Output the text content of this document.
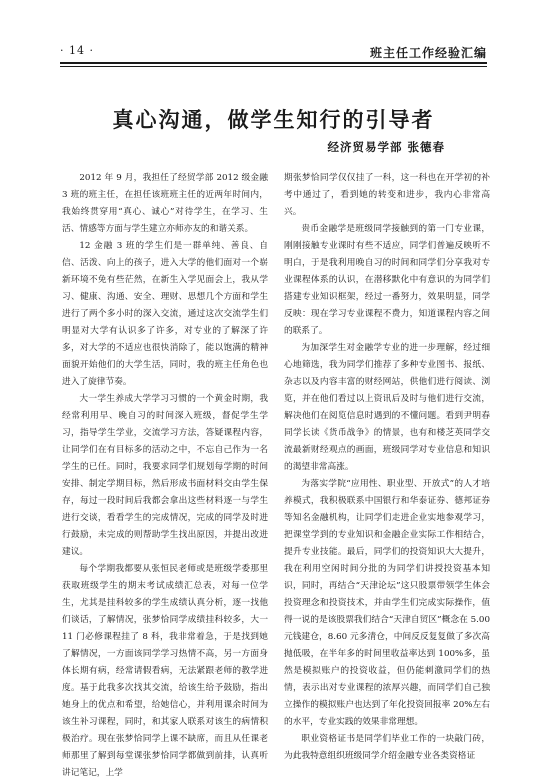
· 14 ·	班主任工作经验汇编
真心沟通，做学生知行的引导者
经济贸易学部 张德春

2012 年 9 月，我担任了经贸学部 2012 级金融 3 班的班主任，在担任该班班主任的近两年时间内，我始终贯穿用“真心、诚心”对待学生，在学习、生活、情感等方面与学生建立亦师亦友的和谐关系。

12 金融 3 班的学生们是一群单纯、善良、自信、活泼、向上的孩子，进入大学的他们面对一个崭新环境不免有些茫然，在新生入学见面会上，我从学习、健康、沟通、安全、理财、思想几个方面和学生进行了两个多小时的深入交流，通过这次交流学生们明显对大学有认识多了许多，对专业的了解深了许多，对大学的不适应也很快消除了，能以饱满的精神面貌开始他们的大学生活，同时，我的班主任角色也进入了旋律节奏。

大一学生养成大学学习习惯的一个黄金时期，我经常利用早、晚自习的时间深入班级，督促学生学习，指导学生学业，交流学习方法，答疑课程内容，让同学们在有目标多的活动之中，不忘自己作为一名学生的已任。同时，我要求同学们规划每学期的时间安排、制定学期目标，然后形成书面材料交由学生保存，每过一段时间后我都会拿出这些材料逐一与学生进行交谈，看看学生的完成情况，完成的同学及时进行鼓励，未完成的则帮助学生找出原因，并提出改进建议。

每个学期我都要从张恒民老师或是班级学委那里获取班级学生的期末考试成绩汇总表，对每一位学生，尤其是挂科较多的学生成绩认真分析，逐一找他们谈话，了解情况，张梦恰同学成绩挂科较多，大一 11 门必修课程挂了 8 科，我非常着急，于是找到她了解情况，一方面该同学学习热情不高，另一方面身体长期有病，经常请假看病，无法紧跟老师的教学进度。基于此我多次找其交流，给该生给予鼓励，指出她身上的优点和希望，给她信心，并利用课余时间为该生补习课程，同时，和其家人联系对该生的病情积极治疗。现在张梦恰同学上课不缺席，而且从任课老师那里了解到每堂课张梦恰同学都做到前排，认真听讲记笔记，上学

期张梦恰同学仅仅挂了一科，这一科也在开学初的补考中通过了，看到她的转变和进步，我内心非常高兴。

贵币金融学是班级同学接触到的第一门专业课，刚刚接触专业课时有些不适应，同学们普遍反映听不明白，于是我利用晚自习的时间和同学们分享我对专业课程体系的认识，在潜移默化中有意识的为同学们搭建专业知识框架，经过一番努力，效果明显，同学反映：现在学习专业课程不费力，知道课程内容之间的联系了。

为加深学生对金融学专业的进一步理解，经过细心地筛选，我为同学们推荐了多种专业图书、报纸、杂志以及内容丰富的财经网站，供他们进行阅读、浏览，并在他们看过以上资讯后及时与他们进行交流，解决他们在阅览信息时遇到的不懂问题。看到尹明春同学长读《货币战争》的情景，也有和楼芝英同学交流最新财经观点的画面，班级同学对专业信息和知识的渴望非常高涨。

为落实学院“应用性、职业型、开放式”的人才培养模式，我积极联系中国银行和华泰证券、德邦证券等知名金融机构，让同学们走进企业实地参观学习，把课堂学到的专业知识和金融企业实际工作相结合，提升专业技能。最后，同学们的投资知识大大提升，我在利用空闲时间分批的为同学们讲授投资基本知识，同时，再结合“天津论坛”这只股票带领学生体会投资理念和投资技术，并由学生们完成实际操作，值得一说的是该股票我们结合“天津自贸区”概念在 5.00 元钱建仓，8.60 元多清仓，中间反反复复做了多次高抛低吸，在半年多的时间里收益率达到 100%多，虽然是模拟账户的投资收益，但仍能刺激同学们的热情，表示出对专业课程的浓厚兴趣，而同学们自己独立操作的模拟账户也达到了年化投资回报率 20%左右的水平，专业实践的效果非常理想。

职业资格证书是同学们毕业工作的一块敲门砖，为此我特意组织班级同学介绍金融专业各类资格证
